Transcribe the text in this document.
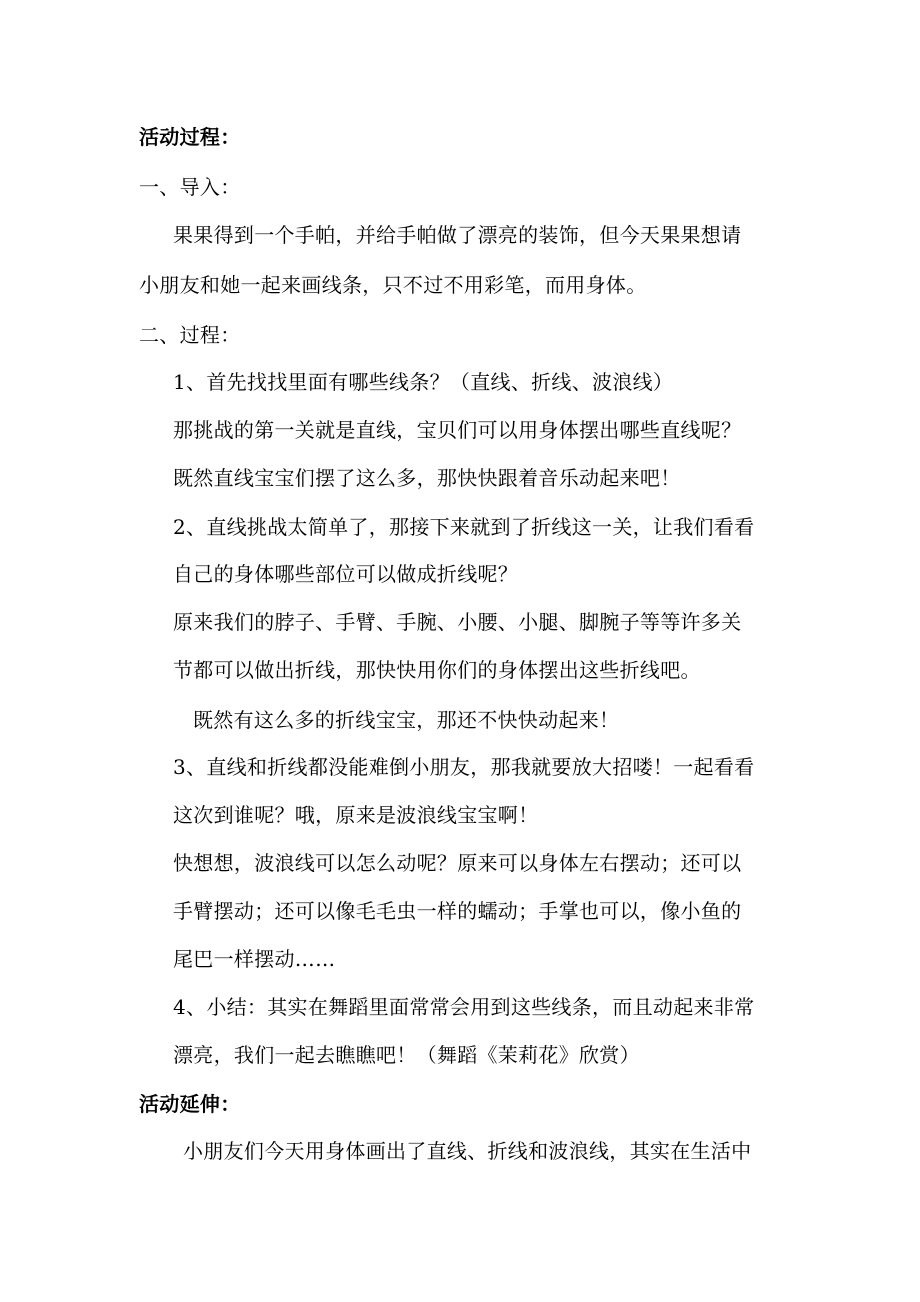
活动过程：
一、导入：
果果得到一个手帕，并给手帕做了漂亮的装饰，但今天果果想请
小朋友和她一起来画线条，只不过不用彩笔，而用身体。
二、过程：
1、首先找找里面有哪些线条？（直线、折线、波浪线）
那挑战的第一关就是直线，宝贝们可以用身体摆出哪些直线呢？
既然直线宝宝们摆了这么多，那快快跟着音乐动起来吧！
2、直线挑战太简单了，那接下来就到了折线这一关，让我们看看
自己的身体哪些部位可以做成折线呢？
原来我们的脖子、手臂、手腕、小腰、小腿、脚腕子等等许多关
节都可以做出折线，那快快用你们的身体摆出这些折线吧。
既然有这么多的折线宝宝，那还不快快动起来！
3、直线和折线都没能难倒小朋友，那我就要放大招喽！一起看看
这次到谁呢？哦，原来是波浪线宝宝啊！
快想想，波浪线可以怎么动呢？原来可以身体左右摆动；还可以
手臂摆动；还可以像毛毛虫一样的蠕动；手掌也可以，像小鱼的
尾巴一样摆动……
4、小结：其实在舞蹈里面常常会用到这些线条，而且动起来非常
漂亮，我们一起去瞧瞧吧！（舞蹈《茉莉花》欣赏）
活动延伸：
小朋友们今天用身体画出了直线、折线和波浪线，其实在生活中
